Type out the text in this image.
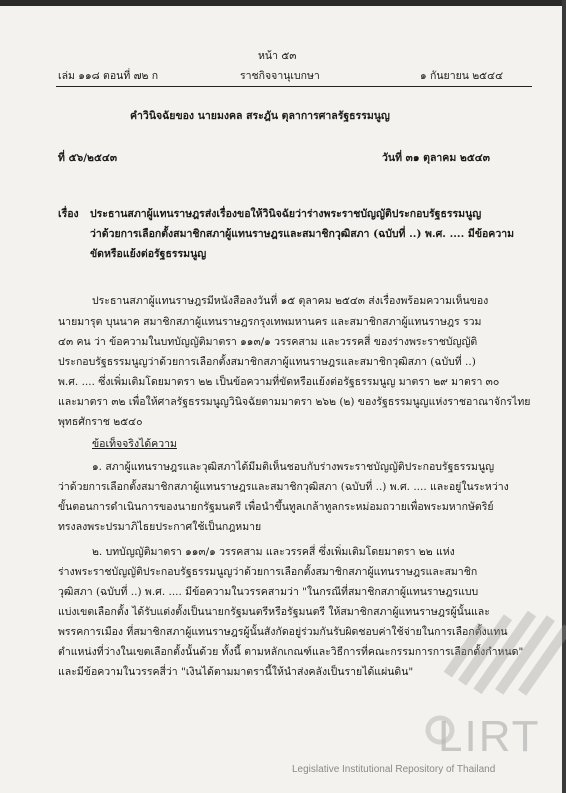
หน้า ๕๓
เล่ม ๑๑๘ ตอนที่ ๗๒ ก	ราชกิจจานุเบกษา	๑ กันยายน ๒๕๔๔
คำวินิจฉัยของ นายมงคล สระฎัน ตุลาการศาลรัฐธรรมนูญ
ที่ ๕๖/๒๕๔๓	วันที่ ๓๑ ตุลาคม ๒๕๔๓
เรื่อง ประธานสภาผู้แทนราษฎรส่งเรื่องขอให้วินิจฉัยว่าร่างพระราชบัญญัติประกอบรัฐธรรมนูญ
ว่าด้วยการเลือกตั้งสมาชิกสภาผู้แทนราษฎรและสมาชิกวุฒิสภา (ฉบับที่ ..) พ.ศ. .... มีข้อความ
ขัดหรือแย้งต่อรัฐธรรมนูญ
ประธานสภาผู้แทนราษฎรมีหนังสือลงวันที่ ๑๕ ตุลาคม ๒๕๔๓ ส่งเรื่องพร้อมความเห็นของ
นายมารุต บุนนาค สมาชิกสภาผู้แทนราษฎรกรุงเทพมหานคร และสมาชิกสภาผู้แทนราษฎร รวม
๔๓ คน ว่า ข้อความในบทบัญญัติมาตรา ๑๑๓/๑ วรรคสาม และวรรคสี่ ของร่างพระราชบัญญัติ
ประกอบรัฐธรรมนูญว่าด้วยการเลือกตั้งสมาชิกสภาผู้แทนราษฎรและสมาชิกวุฒิสภา (ฉบับที่ ..)
พ.ศ. .... ซึ่งเพิ่มเติมโดยมาตรา ๒๒ เป็นข้อความที่ขัดหรือแย้งต่อรัฐธรรมนูญ มาตรา ๒๙ มาตรา ๓๐
และมาตรา ๓๒ เพื่อให้ศาลรัฐธรรมนูญวินิจฉัยตามมาตรา ๒๖๒ (๒) ของรัฐธรรมนูญแห่งราชอาณาจักรไทย
พุทธศักราช ๒๕๔๐
ข้อเท็จจริงได้ความ
๑. สภาผู้แทนราษฎรและวุฒิสภาได้มีมติเห็นชอบกับร่างพระราชบัญญัติประกอบรัฐธรรมนูญ
ว่าด้วยการเลือกตั้งสมาชิกสภาผู้แทนราษฎรและสมาชิกวุฒิสภา (ฉบับที่ ..) พ.ศ. .... และอยู่ในระหว่าง
ขั้นตอนการดำเนินการของนายกรัฐมนตรี เพื่อนำขึ้นทูลเกล้าทูลกระหม่อมถวายเพื่อพระมหากษัตริย์
ทรงลงพระปรมาภิไธยประกาศใช้เป็นกฎหมาย
๒. บทบัญญัติมาตรา ๑๑๓/๑ วรรคสาม และวรรคสี่ ซึ่งเพิ่มเติมโดยมาตรา ๒๒ แห่ง
ร่างพระราชบัญญัติประกอบรัฐธรรมนูญว่าด้วยการเลือกตั้งสมาชิกสภาผู้แทนราษฎรและสมาชิก
วุฒิสภา (ฉบับที่ ..) พ.ศ. .... มีข้อความในวรรคสามว่า "ในกรณีที่สมาชิกสภาผู้แทนราษฎรแบบ
แบ่งเขตเลือกตั้ง ได้รับแต่งตั้งเป็นนายกรัฐมนตรีหรือรัฐมนตรี ให้สมาชิกสภาผู้แทนราษฎรผู้นั้นและ
พรรคการเมือง ที่สมาชิกสภาผู้แทนราษฎรผู้นั้นสังกัดอยู่ร่วมกันรับผิดชอบค่าใช้จ่ายในการเลือกตั้งแทน
ตำแหน่งที่ว่างในเขตเลือกตั้งนั้นด้วย ทั้งนี้ ตามหลักเกณฑ์และวิธีการที่คณะกรรมการการเลือกตั้งกำหนด"
และมีข้อความในวรรคสี่ว่า "เงินได้ตามมาตรานี้ให้นำส่งคลังเป็นรายได้แผ่นดิน"
LIRT
Legislative Institutional Repository of Thailand
